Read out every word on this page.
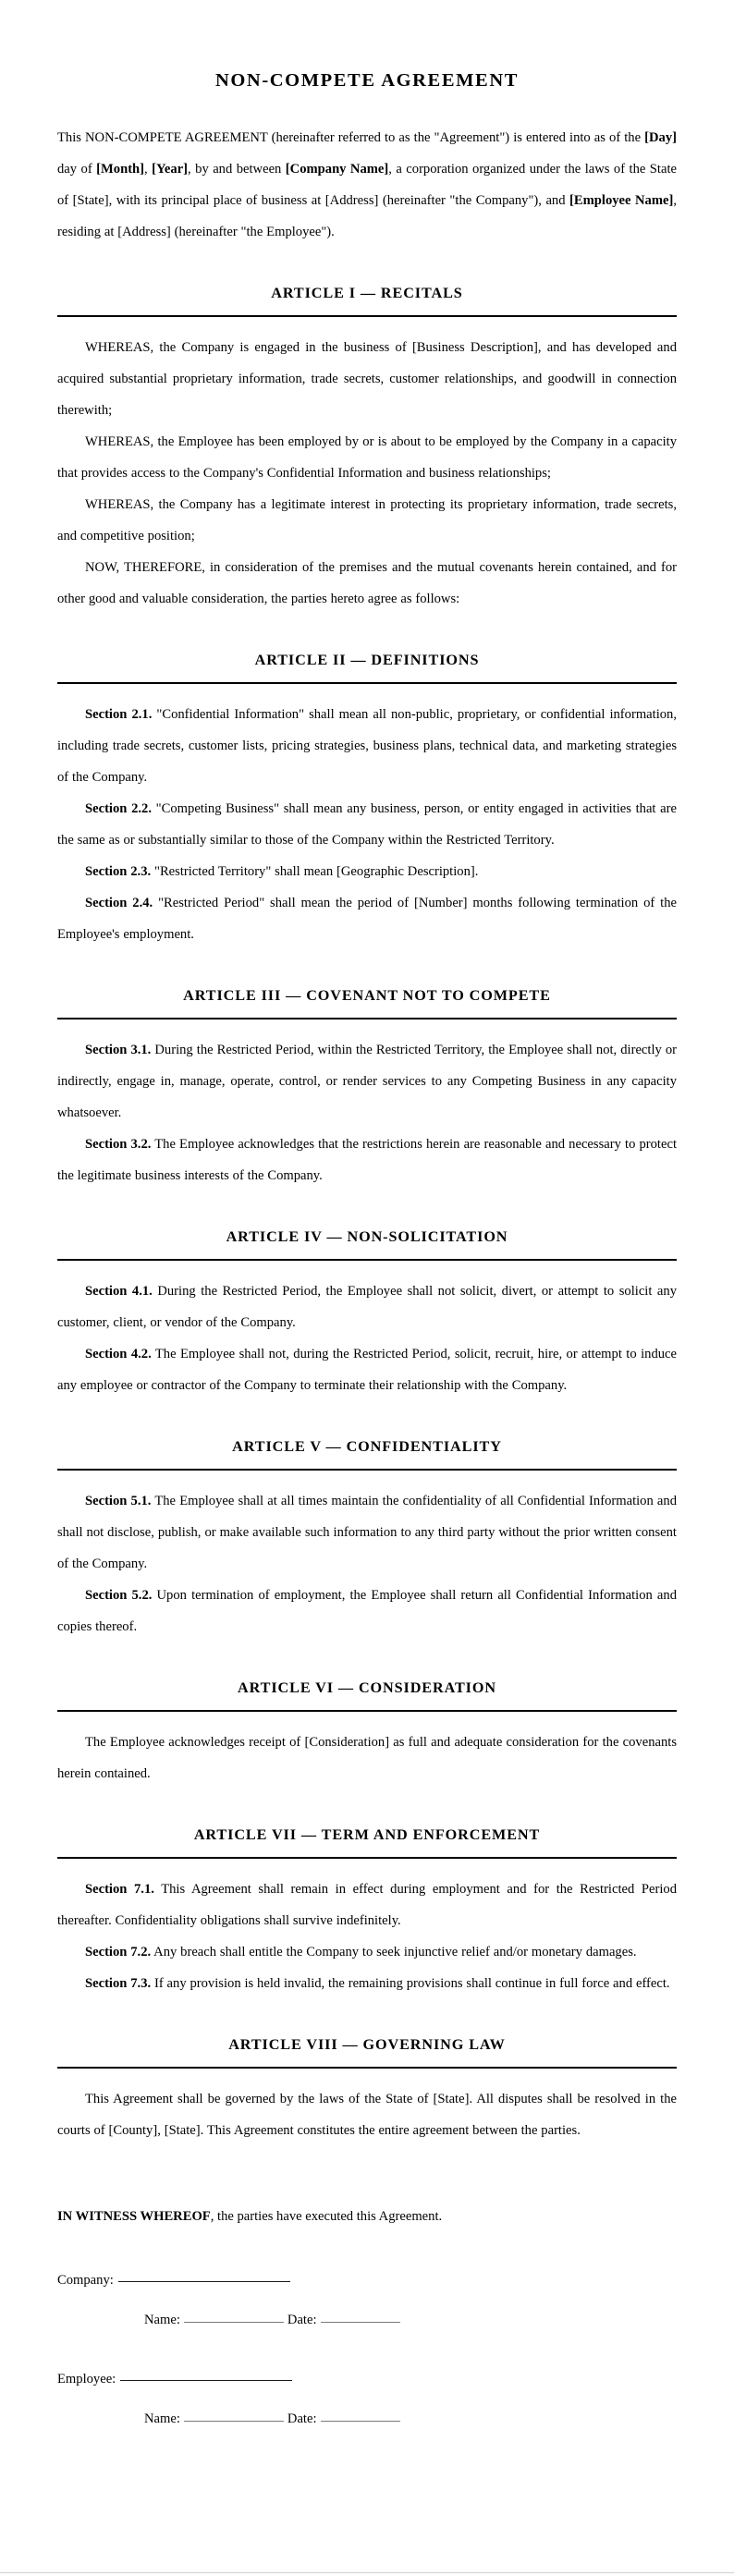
NON-COMPETE AGREEMENT

This NON-COMPETE AGREEMENT (hereinafter referred to as the "Agreement") is entered into as of the [Day] day of [Month], [Year], by and between [Company Name], a corporation organized under the laws of the State of [State], with its principal place of business at [Address] (hereinafter "the Company"), and [Employee Name], residing at [Address] (hereinafter "the Employee").

ARTICLE I — RECITALS

WHEREAS, the Company is engaged in the business of [Business Description], and has developed and acquired substantial proprietary information, trade secrets, customer relationships, and goodwill in connection therewith;

WHEREAS, the Employee has been employed by or is about to be employed by the Company in a capacity that provides access to the Company's Confidential Information and business relationships;

WHEREAS, the Company has a legitimate interest in protecting its proprietary information, trade secrets, and competitive position;

NOW, THEREFORE, in consideration of the premises and the mutual covenants herein contained, and for other good and valuable consideration, the parties hereto agree as follows:

ARTICLE II — DEFINITIONS

Section 2.1. "Confidential Information" shall mean all non-public, proprietary, or confidential information, including trade secrets, customer lists, pricing strategies, business plans, technical data, and marketing strategies of the Company.

Section 2.2. "Competing Business" shall mean any business, person, or entity engaged in activities that are the same as or substantially similar to those of the Company within the Restricted Territory.

Section 2.3. "Restricted Territory" shall mean [Geographic Description].

Section 2.4. "Restricted Period" shall mean the period of [Number] months following termination of the Employee's employment.

ARTICLE III — COVENANT NOT TO COMPETE

Section 3.1. During the Restricted Period, within the Restricted Territory, the Employee shall not, directly or indirectly, engage in, manage, operate, control, or render services to any Competing Business in any capacity whatsoever.

Section 3.2. The Employee acknowledges that the restrictions herein are reasonable and necessary to protect the legitimate business interests of the Company.

ARTICLE IV — NON-SOLICITATION

Section 4.1. During the Restricted Period, the Employee shall not solicit, divert, or attempt to solicit any customer, client, or vendor of the Company.

Section 4.2. The Employee shall not, during the Restricted Period, solicit, recruit, hire, or attempt to induce any employee or contractor of the Company to terminate their relationship with the Company.

ARTICLE V — CONFIDENTIALITY

Section 5.1. The Employee shall at all times maintain the confidentiality of all Confidential Information and shall not disclose, publish, or make available such information to any third party without the prior written consent of the Company.

Section 5.2. Upon termination of employment, the Employee shall return all Confidential Information and copies thereof.

ARTICLE VI — CONSIDERATION

The Employee acknowledges receipt of [Consideration] as full and adequate consideration for the covenants herein contained.

ARTICLE VII — TERM AND ENFORCEMENT

Section 7.1. This Agreement shall remain in effect during employment and for the Restricted Period thereafter. Confidentiality obligations shall survive indefinitely.

Section 7.2. Any breach shall entitle the Company to seek injunctive relief and/or monetary damages.

Section 7.3. If any provision is held invalid, the remaining provisions shall continue in full force and effect.

ARTICLE VIII — GOVERNING LAW

This Agreement shall be governed by the laws of the State of [State]. All disputes shall be resolved in the courts of [County], [State]. This Agreement constitutes the entire agreement between the parties.

IN WITNESS WHEREOF, the parties have executed this Agreement.

Company:

Name:	Date:

Employee:

Name:	Date:
